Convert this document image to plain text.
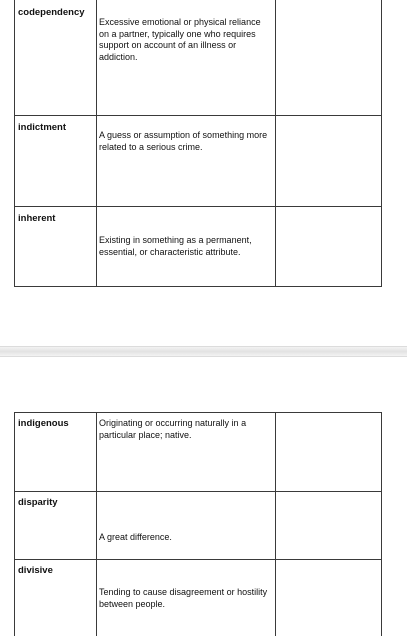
codependency	Excessive emotional or physical reliance on a partner, typically one who requires support on account of an illness or addiction.	

indictment	A guess or assumption of something more related to a serious crime.	

inherent	Existing in something as a permanent, essential, or characteristic attribute.	

indigenous	Originating or occurring naturally in a particular place; native.	

disparity	A great difference.	

divisive	Tending to cause disagreement or hostility between people.	
